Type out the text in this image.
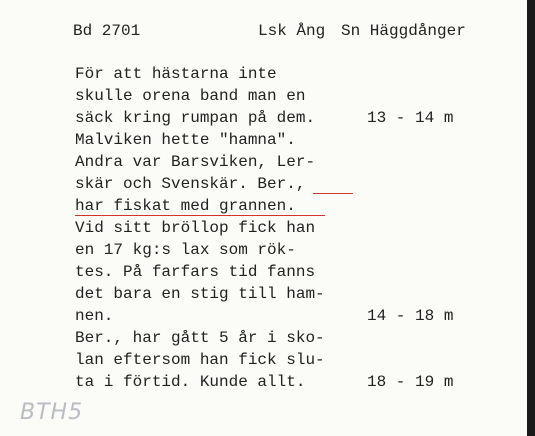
Bd 2701	Lsk Ång Sn Häggdånger
För att hästarna inte
skulle orena band man en
säck kring rumpan på dem.
Malviken hette "hamna".
Andra var Barsviken, Ler-
skär och Svenskär. Ber.,
har fiskat med grannen.
Vid sitt bröllop fick han
en 17 kg:s lax som rök-
tes. På farfars tid fanns
det bara en stig till ham-
nen.
Ber., har gått 5 år i sko-
lan eftersom han fick slu-
ta i förtid. Kunde allt.
13 - 14 m
14 - 18 m
18 - 19 m
BTH5
